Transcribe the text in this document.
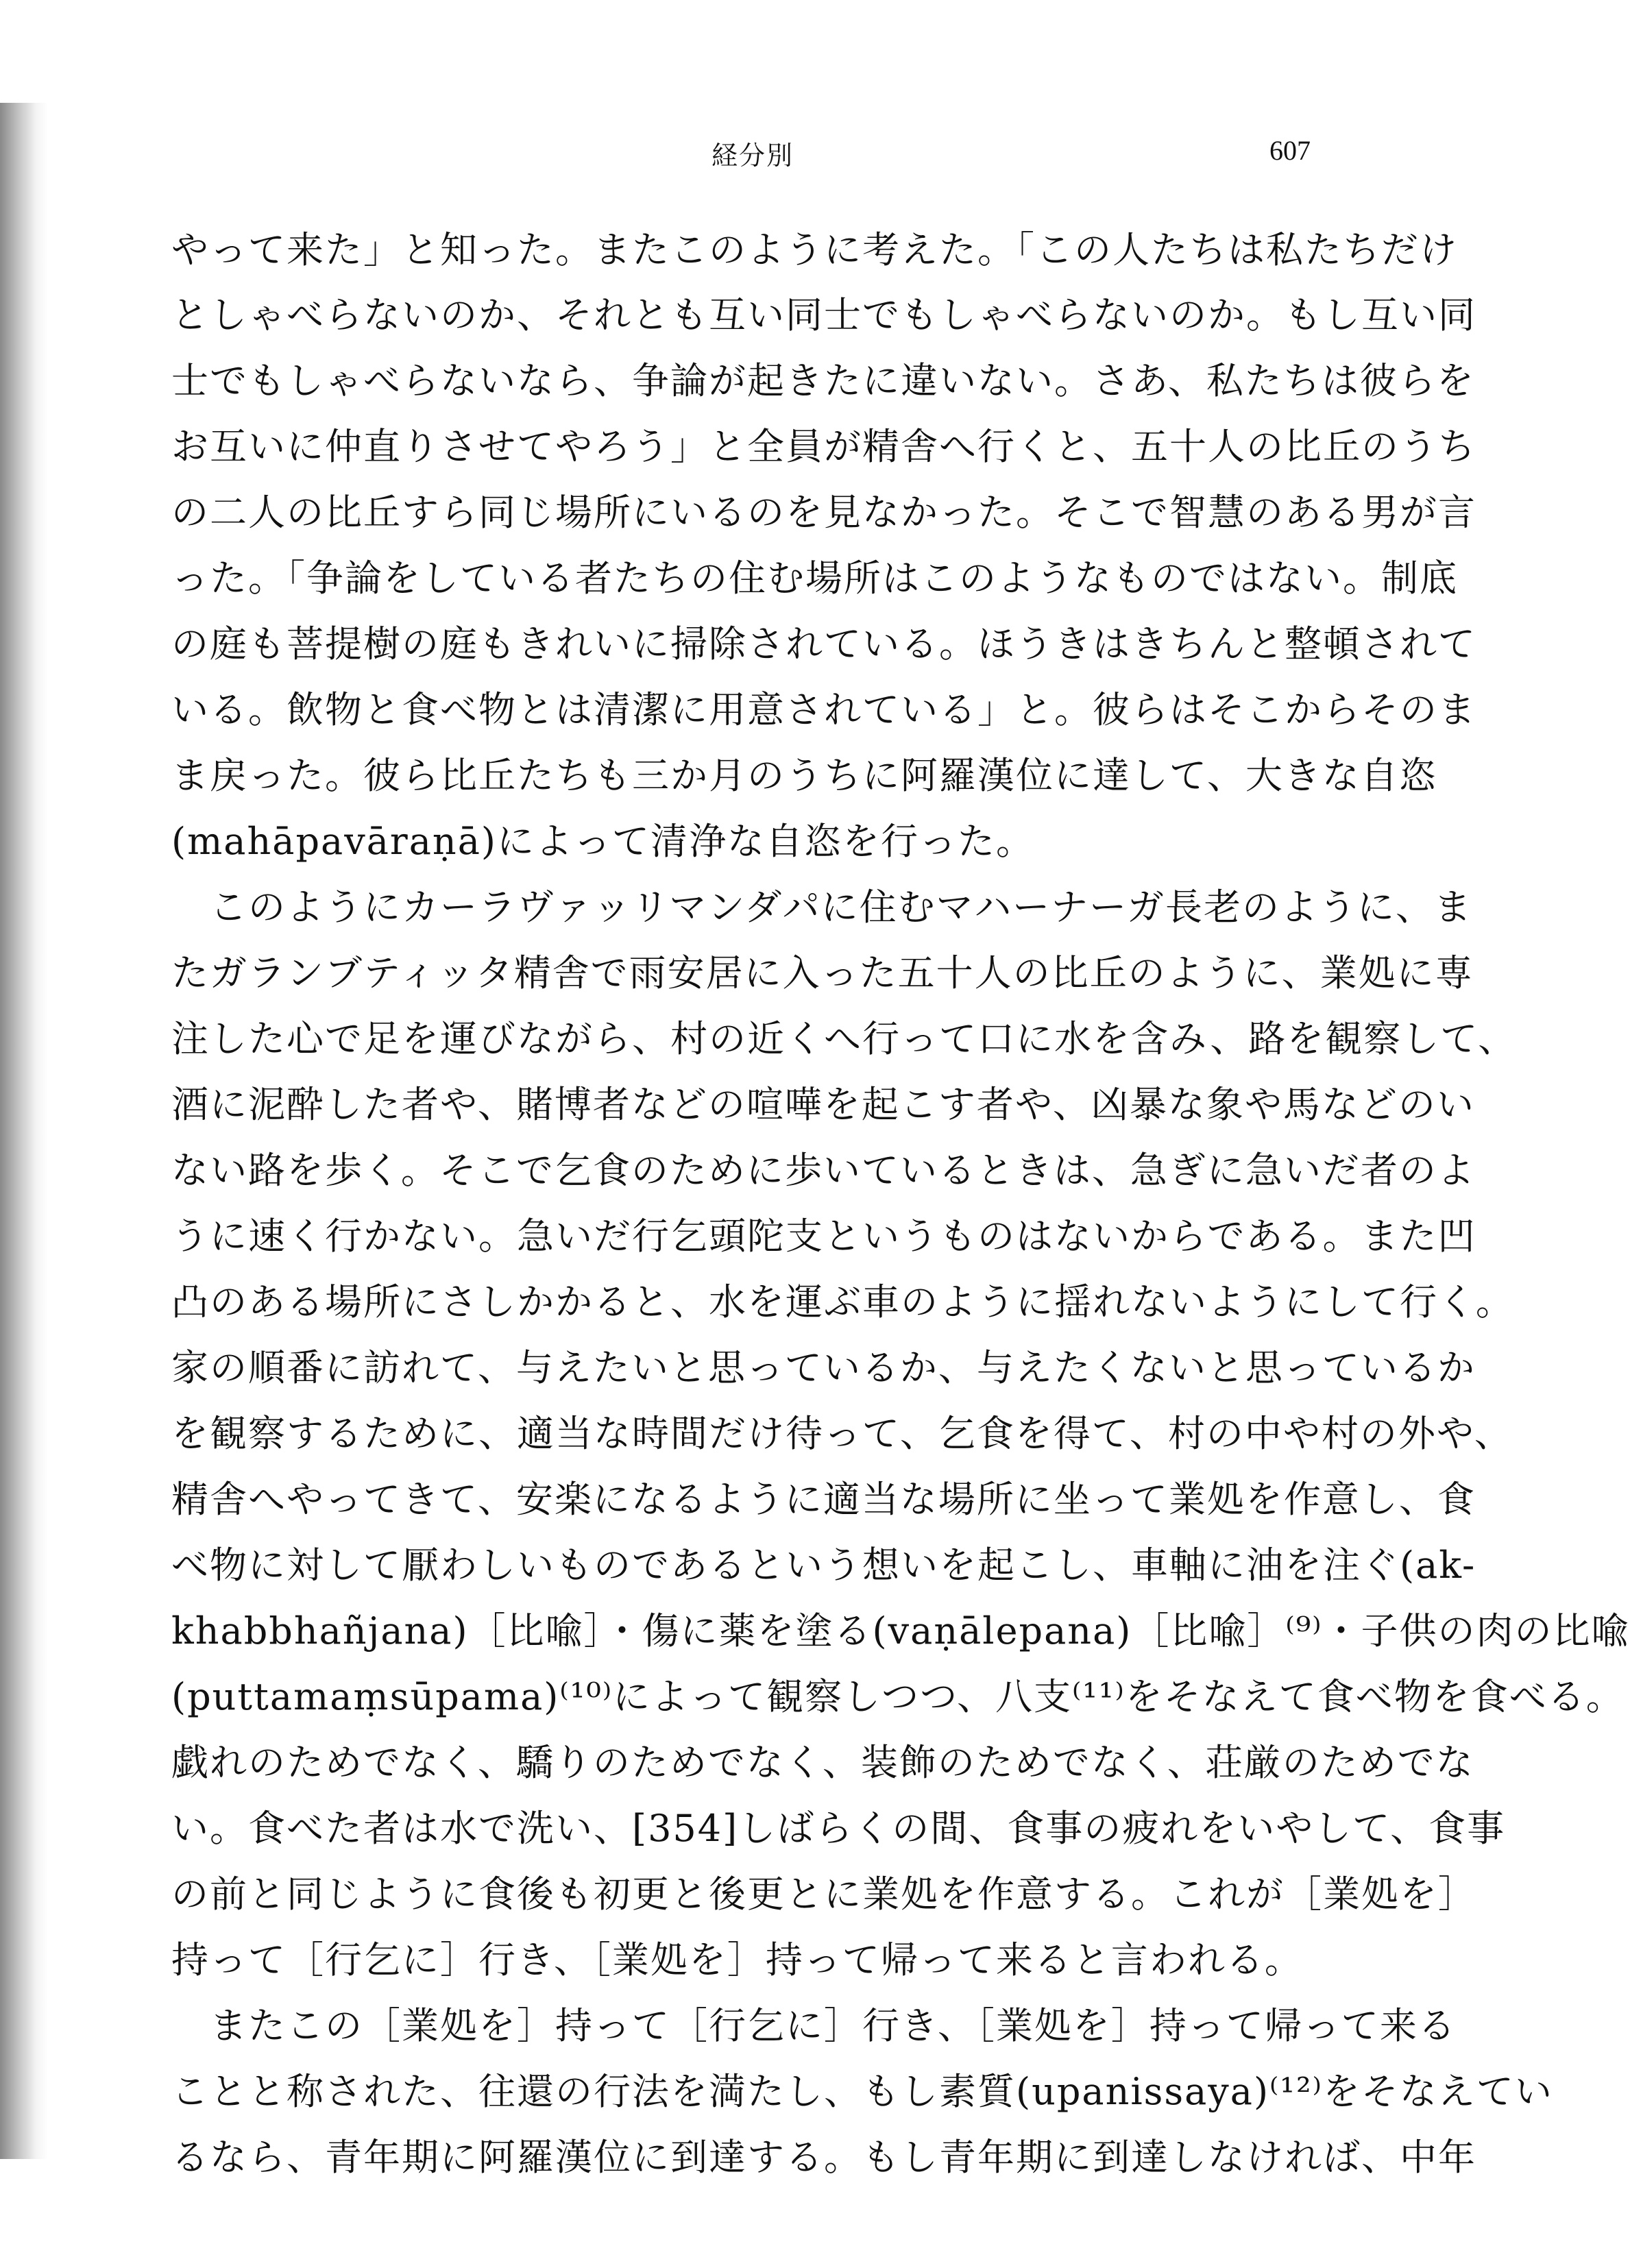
経分別	607
やって来た」と知った。またこのように考えた。「この人たちは私たちだけ
としゃべらないのか、それとも互い同士でもしゃべらないのか。もし互い同
士でもしゃべらないなら、争論が起きたに違いない。さあ、私たちは彼らを
お互いに仲直りさせてやろう」と全員が精舎へ行くと、五十人の比丘のうち
の二人の比丘すら同じ場所にいるのを見なかった。そこで智慧のある男が言
った。「争論をしている者たちの住む場所はこのようなものではない。制底
の庭も菩提樹の庭もきれいに掃除されている。ほうきはきちんと整頓されて
いる。飲物と食べ物とは清潔に用意されている」と。彼らはそこからそのま
ま戻った。彼ら比丘たちも三か月のうちに阿羅漢位に達して、大きな自恣
(mahāpavāraṇā)によって清浄な自恣を行った。
　このようにカーラヴァッリマンダパに住むマハーナーガ長老のように、ま
たガランブティッタ精舎で雨安居に入った五十人の比丘のように、業処に専
注した心で足を運びながら、村の近くへ行って口に水を含み、路を観察して、
酒に泥酔した者や、賭博者などの喧嘩を起こす者や、凶暴な象や馬などのい
ない路を歩く。そこで乞食のために歩いているときは、急ぎに急いだ者のよ
うに速く行かない。急いだ行乞頭陀支というものはないからである。また凹
凸のある場所にさしかかると、水を運ぶ車のように揺れないようにして行く。
家の順番に訪れて、与えたいと思っているか、与えたくないと思っているか
を観察するために、適当な時間だけ待って、乞食を得て、村の中や村の外や、
精舎へやってきて、安楽になるように適当な場所に坐って業処を作意し、食
べ物に対して厭わしいものであるという想いを起こし、車軸に油を注ぐ(ak-
khabbhañjana)［比喩］・傷に薬を塗る(vaṇālepana)［比喩］⁽⁹⁾・子供の肉の比喩
(puttamaṃsūpama)⁽¹⁰⁾によって観察しつつ、八支⁽¹¹⁾をそなえて食べ物を食べる。
戯れのためでなく、驕りのためでなく、装飾のためでなく、荘厳のためでな
い。食べた者は水で洗い、[354]しばらくの間、食事の疲れをいやして、食事
の前と同じように食後も初更と後更とに業処を作意する。これが［業処を］
持って［行乞に］行き、［業処を］持って帰って来ると言われる。
　またこの［業処を］持って［行乞に］行き、［業処を］持って帰って来る
ことと称された、往還の行法を満たし、もし素質(upanissaya)⁽¹²⁾をそなえてい
るなら、青年期に阿羅漢位に到達する。もし青年期に到達しなければ、中年
